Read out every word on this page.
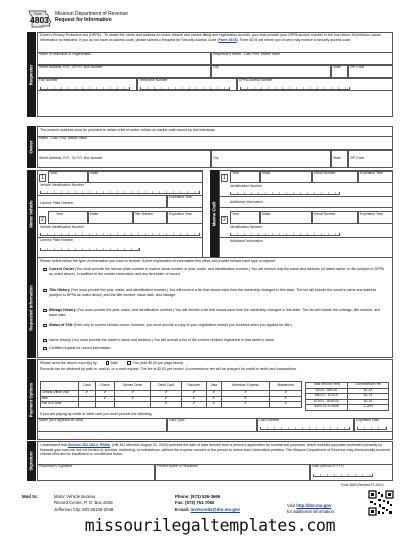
Form
4803
Missouri Department of Revenue
Request for Information
Requester
Driver's Privacy Protection Act (DPPA) - To obtain the name and address on motor vehicle and marine titling and registration records, you must provide your DPPA access number in the box below. All previous owner information is restricted. If you do not have an access code, please submit a Request for Security Access Code (Form 4678). Form 4678 will inform you of who may receive a security access code.
Name of Individual or Organization	Requestor's Name - Last, First, Middle Initial
Street Address, R.R., Or P.O. Box Number	City	State	ZIP Code
Fax Number	Telephone Number	DPPA Access Number
Owner
The owner's address must be provided to obtain a list of motor vehicle or marine craft owned by this individual.
Name - Last, First, Middle Initial
Street Address, R.R., Or P.O. Box Number	City	State	ZIP Code
Motor Vehicle
1
Year	Make
Vehicle Identification Number
License Plate Number
Expiration Year
Title Number
2
Year	Make	Expiration Year
Vehicle Identification Number
License Plate Number
Marine Craft
1
Year	Make	Decal Number	Expiration Year
Identification Number
Additional Information
2
Year	Make	Decal Number	Expiration Year
Identification Number
Additional Information
Requested Information
Please select below the type of information you want to receive. A brief explanation of information this office will provide follows each type of request.
Current Owner (You must provide the license plate number or marine decal number or year, make, and identification number.) You will receive only the name and address (of latest owner on file (subject to DPPA as noted above), in addition to the vehicle information and any lienholder of record.
Title History (You must provide the year, make, and identification number.) You will receive a list that shows each time the ownership changed in this state. The list will include the owner's name and address (subject to DPPA as noted above) and the title number, issue date, and mileage.
Mileage History (You must provide the year, make, and identification number.) You will receive a list that shows each time the ownership changed in this state. The list will include the mileage, title number, and issue date.
Status of Title (Free only to current vehicle owner; however, you must provide a copy of your registration receipt you received when you applied for title.)
Name History (You must provide the owner's name and address.) You will receive a list of the current vehicles registered in that owner's name.
Certified request for record information.
Payment Options
Please send the above record(s) by:	Mail	Fax (Add $0.50 per page faxed)
Records can be obtained by walk-in, mail-in, or e-mail request. The fee is $2.62 per record. A convenience fee will be charged for credit or debit card transactions.
	Cash	Check	Money Order	Debit Card	Discover	Visa	American Express	Mastercard
Central Office Visit	✔	✔	✔	✔	✔	✔	✔	✔
Mail		✔	✔	✔	✔	✔	✔	✔
Fax or E-Mail				✔	✔	✔	✔	✔
Total Record Fees	Convenience Fee
$0.00 - $50.00	$1.25
$50.01 - $75.00	$1.75
$75.01 - $100.00	$2.15
$100.01 or more	2.15%
If you are paying by credit or debit card you must provide the following:
Name (as it appears on card)	Card Type	Card Number	Expiration Date
Signature
I understand that Section 302.183.2, RSMo. (HB 361 effective August 28, 2009) prohibits the sale of data derived from a person's application for commercial purposes, which includes purposes motivated primarily by financial gain such as, but not limited to, surveys, marketing, or solicitations, without the express consent of the person to whom such information pertains. The Missouri Department of Revenue may electronically resubmit checks returned for insufficient or uncollected funds.
Requestor's Signature	Printed Name of Requestor	Date (MM/DD/YYYY)
Form 4803 (Revised 07-2019)
Mail to:	Motor Vehicle Bureau
Record Center, P. O. Box 2048
Jefferson City, MO 65105-2048
Phone: (573) 526-3669
Fax: (573) 751-7060
E-mail: mvrecords@dor.mo.gov
Visit http://dor.mo.gov
for additional information.
missourilegaltemplates.com
